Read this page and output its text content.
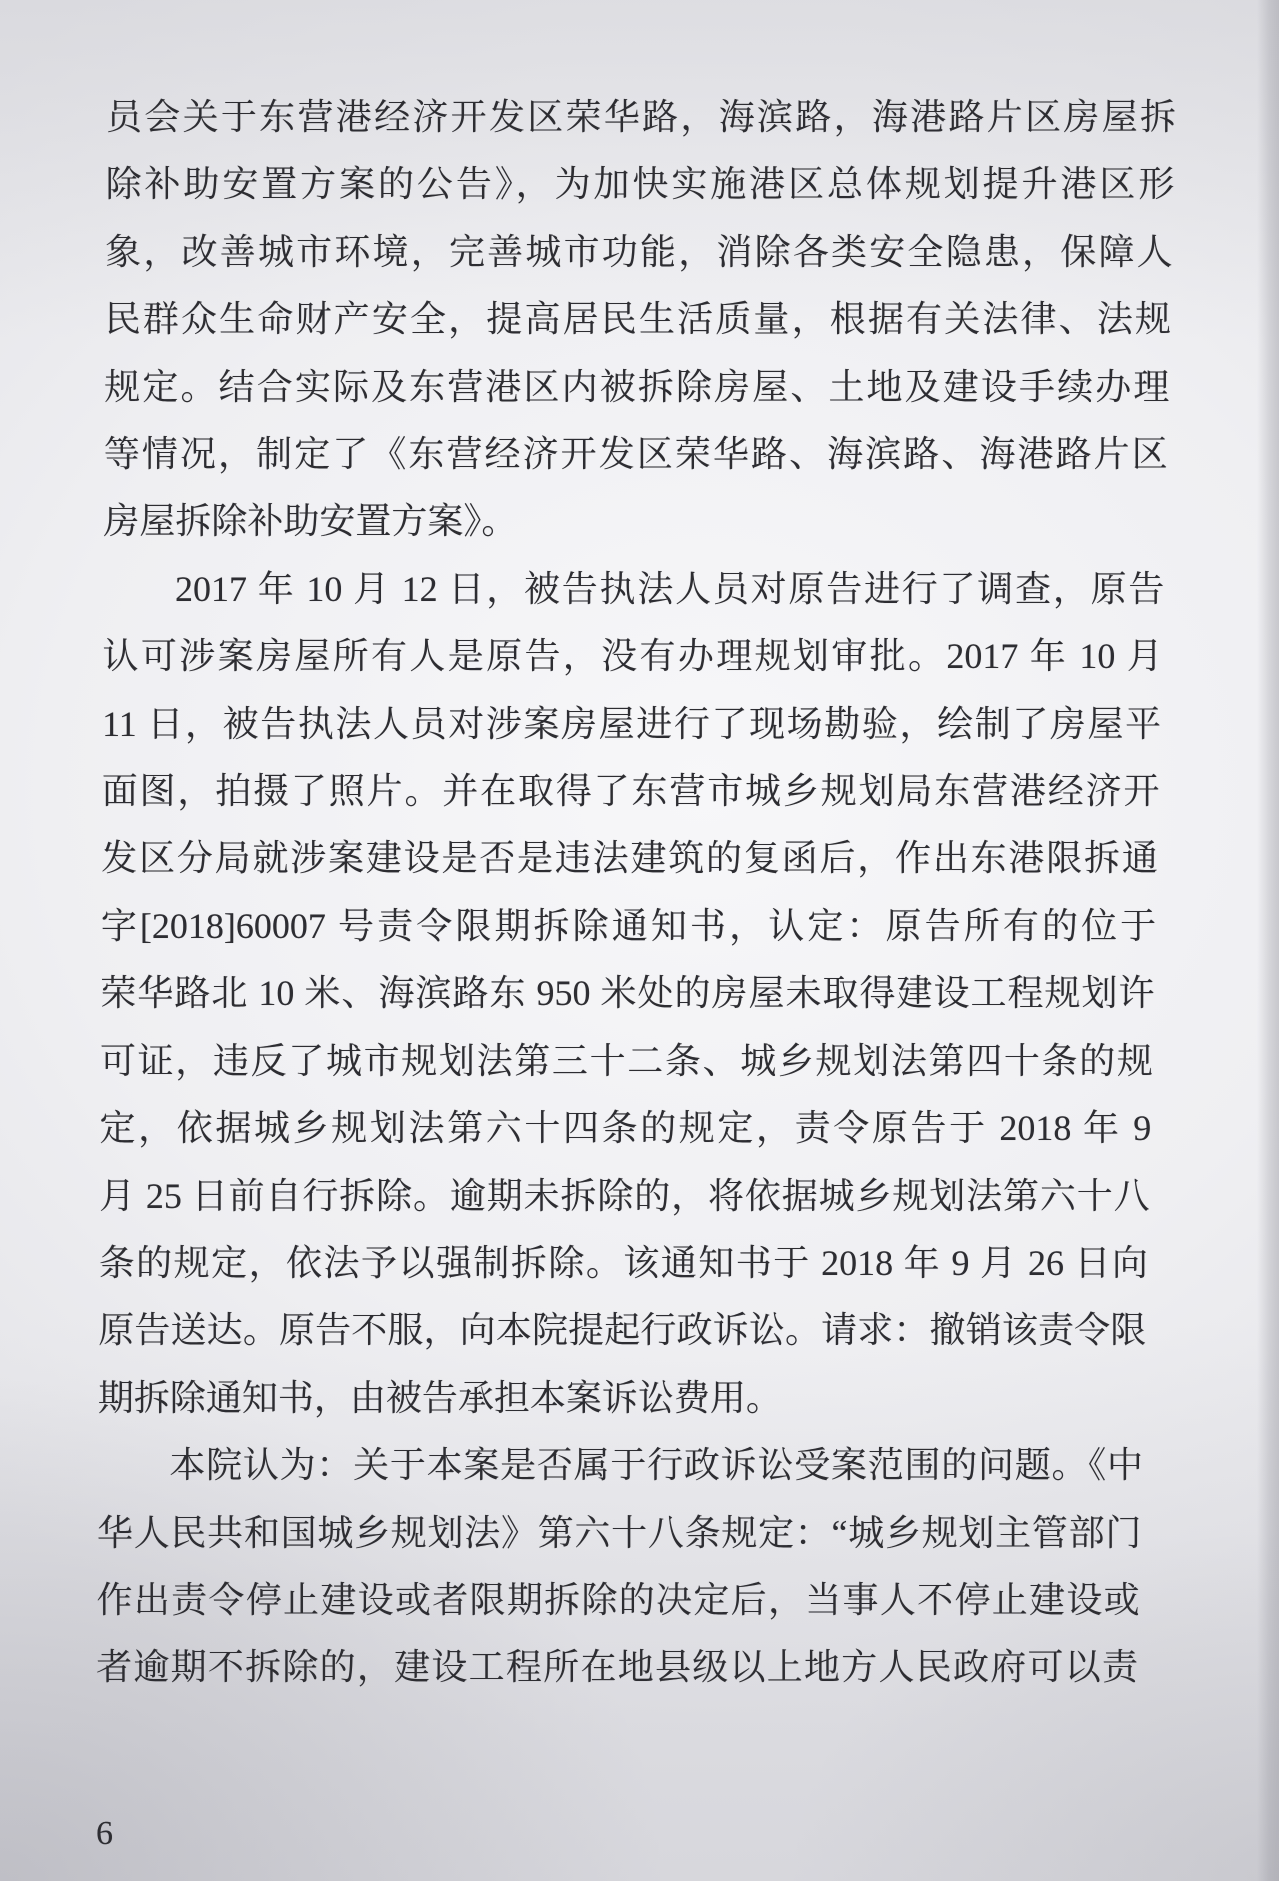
员会关于东营港经济开发区荣华路，海滨路，海港路片区房屋拆
除补助安置方案的公告》，为加快实施港区总体规划提升港区形
象，改善城市环境，完善城市功能，消除各类安全隐患，保障人
民群众生命财产安全，提高居民生活质量，根据有关法律、法规
规定。结合实际及东营港区内被拆除房屋、土地及建设手续办理
等情况，制定了《东营经济开发区荣华路、海滨路、海港路片区
房屋拆除补助安置方案》。
2017 年 10 月 12 日，被告执法人员对原告进行了调查，原告
认可涉案房屋所有人是原告，没有办理规划审批。2017 年 10 月
11 日，被告执法人员对涉案房屋进行了现场勘验，绘制了房屋平
面图，拍摄了照片。并在取得了东营市城乡规划局东营港经济开
发区分局就涉案建设是否是违法建筑的复函后，作出东港限拆通
字[2018]60007 号责令限期拆除通知书，认定：原告所有的位于
荣华路北 10 米、海滨路东 950 米处的房屋未取得建设工程规划许
可证，违反了城市规划法第三十二条、城乡规划法第四十条的规
定，依据城乡规划法第六十四条的规定，责令原告于 2018 年 9
月 25 日前自行拆除。逾期未拆除的，将依据城乡规划法第六十八
条的规定，依法予以强制拆除。该通知书于 2018 年 9 月 26 日向
原告送达。原告不服，向本院提起行政诉讼。请求：撤销该责令限
期拆除通知书，由被告承担本案诉讼费用。
本院认为：关于本案是否属于行政诉讼受案范围的问题。《中
华人民共和国城乡规划法》第六十八条规定：“城乡规划主管部门
作出责令停止建设或者限期拆除的决定后，当事人不停止建设或
者逾期不拆除的，建设工程所在地县级以上地方人民政府可以责
6
